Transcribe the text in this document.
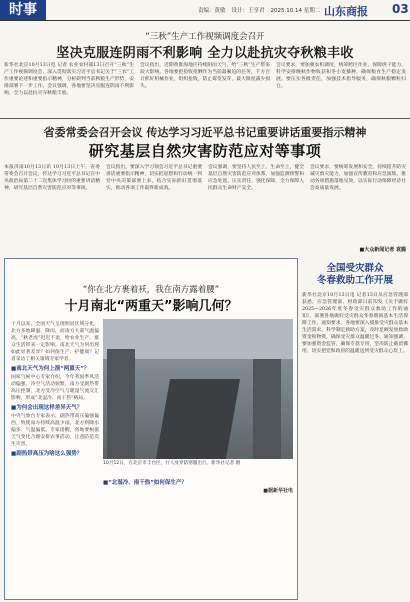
时事	责编：黄敏 设计：王享君 2025.10.14 星期二 山东商报 03
“三秋”生产工作视频调度会召开
坚决克服连阴雨不利影响 全力以赴抗灾夺秋粮丰收
新华社北京10月13日电 记者 农业农村部13日召开“三秋”生产工作视频调度会，深入贯彻落实习近平总书记关于“三农”工作重要论述和重要指示精神，分析研判当前秋粮生产形势，安排部署下一步工作。会议强调，各地要坚决克服连阴雨不利影响，全力以赴抗灾夺秋粮丰收。
会议指出，近期黄淮海地区持续阴雨天气，给“三秋”生产带来较大影响。各地要把抢收抢晒作为当前最紧迫的任务，千方百计抓好机械作业，组织抢收，防止霉变发芽，最大限度减少损失。
会议要求，要加强农机调度，统筹跨区作业，保障烘干能力，科学安排晚秋作物收获和冬小麦播种，确保粮食生产稳定发展。要压实各级责任，加强技术指导服务，确保秋粮颗粒归仓。
省委常委会召开会议 传达学习习近平总书记重要讲话重要指示精神
研究基层自然灾害防范应对等事项
本报济南10月13日讯 10月13日上午，省委常委会召开会议，传达学习习近平总书记在中央政治局第二十二次集体学习时的重要讲话精神，研究基层自然灾害防范应对等事项。
会议指出，要深入学习领会习近平总书记重要讲话重要指示精神，切实把思想和行动统一到党中央决策部署上来，结合实际抓好贯彻落实，推动各项工作取得新成效。
会议强调，要坚持人民至上、生命至上，健全基层自然灾害防范应对体系，加强监测预警和应急处置，压实责任，强化保障，全力保障人民群众生命财产安全。
会议要求，要统筹发展和安全，持续提升防灾减灾救灾能力，加强宣传教育和应急演练，推动各项措施落地见效，以实际行动保障经济社会高质量发展。
■大众新闻记者 袁腾
“你在北方裹着袄，我在南方露着腰”
十月南北“两重天”影响几何？
十月以来，全国天气呈现明显区域分化，北方多地降温、降雨，而南方大部气温偏高，“秋老虎”迟迟不退，给农业生产、群众生活带来一定影响。南北天气为何出现如此显著差异？如何保生产、护健康？记者采访了相关领域专家学者。
■南北天气为何上演“两重天”？
国家气候中心专家介绍，今年我国季风活动偏强，冷空气活动频繁，南方受副热带高压控制，北方受冷空气与暖湿气流交汇影响，形成“北湿冷、南干热”格局。
■为何会出现这样差异天气？
中央气象台专家表示，副热带高压偏强偏西，致使南方持续高温少雨，北方则降水偏多、气温偏低。专家提醒，各地要根据天气变化合理安排农事活动，注意防范次生灾害。
■副热带高压为啥这么强势？
10月12日，在北京市丰台区，行人身穿防寒服出行。新华社记者 摄
■“北湿冷、南干热”如何保生产？
■据新华社电
全国受灾群众
冬春救助工作开展
新华社北京10月13日电 记者13日从应急管理部获悉，应急管理部、财政部日前印发《关于做好2025—2026年度冬春受灾群众救助工作的通知》，部署各地做好受灾群众冬春期间基本生活保障工作。通知要求，各地要深入摸排受灾群众基本生活需求，科学制定救助方案，及时足额发放救助资金和物资，确保受灾群众温暖过冬。通知强调，要加强资金监管，确保专款专用，坚决防止截留挪用，切实把党和政府的温暖送到受灾群众心坎上。
